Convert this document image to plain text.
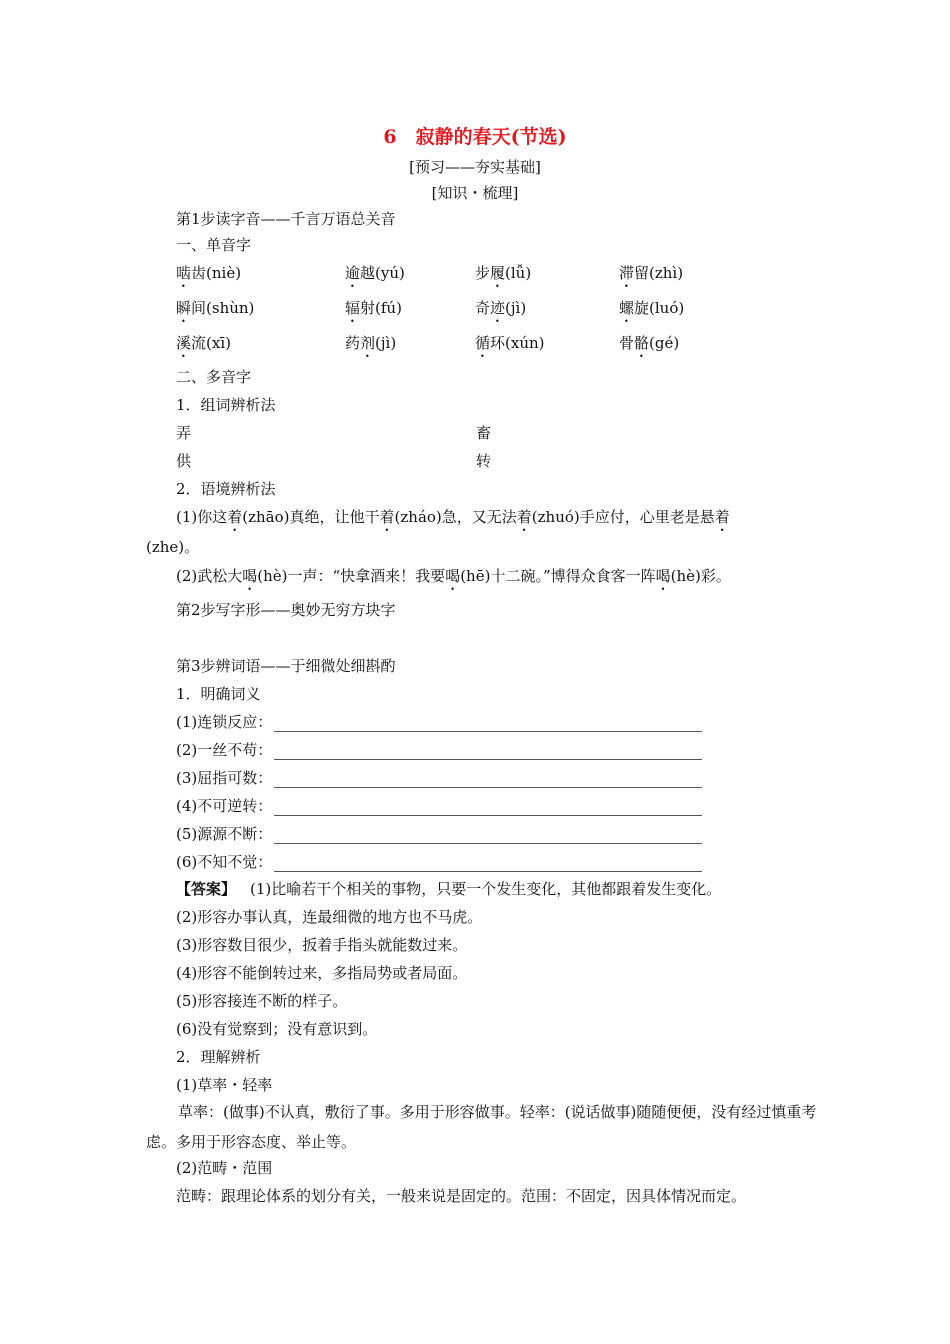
6　寂静的春天(节选)
[预习——夯实基础]
[知识・梳理]
第1步读字音——千言万语总关音
一、单音字
啮齿(niè)	逾越(yú)	步履(lǚ)	滞留(zhì)
瞬间(shùn)	辐射(fú)	奇迹(jì)	螺旋(luó)
溪流(xī)	药剂(jì)	循环(xún)	骨骼(gé)
二、多音字
1．组词辨析法
弄	畜
供	转
2．语境辨析法
(1)你这着(zhāo)真绝，让他干着(zháo)急，又无法着(zhuó)手应付，心里老是悬着
(zhe)。
(2)武松大喝(hè)一声：“快拿酒来！我要喝(hē)十二碗。”博得众食客一阵喝(hè)彩。
第2步写字形——奥妙无穷方块字
第3步辨词语——于细微处细斟酌
1．明确词义
(1)连锁反应：
(2)一丝不苟：
(3)屈指可数：
(4)不可逆转：
(5)源源不断：
(6)不知不觉：
【答案】 (1)比喻若干个相关的事物，只要一个发生变化，其他都跟着发生变化。
(2)形容办事认真，连最细微的地方也不马虎。
(3)形容数目很少，扳着手指头就能数过来。
(4)形容不能倒转过来，多指局势或者局面。
(5)形容接连不断的样子。
(6)没有觉察到；没有意识到。
2．理解辨析
(1)草率・轻率
草率：(做事)不认真，敷衍了事。多用于形容做事。轻率：(说话做事)随随便便，没有经过慎重考虑。多用于形容态度、举止等。
(2)范畴・范围
范畴：跟理论体系的划分有关，一般来说是固定的。范围：不固定，因具体情况而定。
